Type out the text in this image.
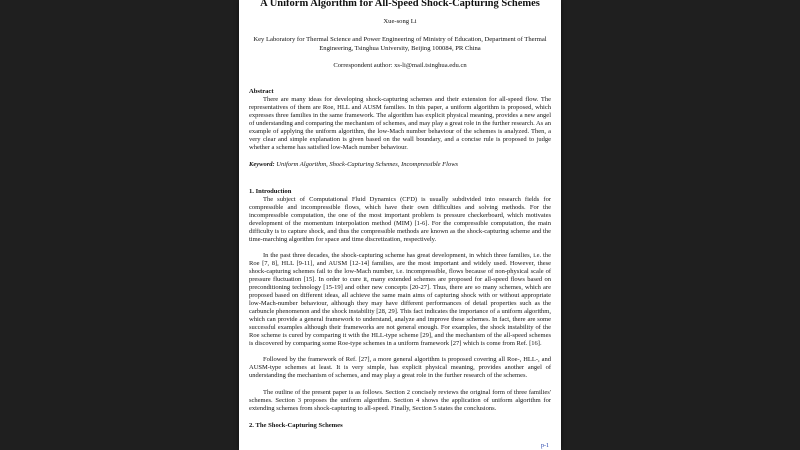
A Uniform Algorithm for All-Speed Shock-Capturing Schemes
Xue-song Li
Key Laboratory for Thermal Science and Power Engineering of Ministry of Education, Department of Thermal Engineering, Tsinghua University, Beijing 100084, PR China
Correspondent author: xs-li@mail.tsinghua.edu.cn
Abstract

There are many ideas for developing shock-capturing schemes and their extension for all-speed flow. The representatives of them are Roe, HLL and AUSM families. In this paper, a uniform algorithm is proposed, which expresses three families in the same framework. The algorithm has explicit physical meaning, provides a new angel of understanding and comparing the mechanism of schemes, and may play a great role in the further research. As an example of applying the uniform algorithm, the low-Mach number behaviour of the schemes is analyzed. Then, a very clear and simple explanation is given based on the wall boundary, and a concise rule is proposed to judge whether a scheme has satisfied low-Mach number behaviour.

Keyword: Uniform Algorithm, Shock-Capturing Schemes, Incompressible Flows
1. Introduction

The subject of Computational Fluid Dynamics (CFD) is usually subdivided into research fields for compressible and incompressible flows, which have their own difficulties and solving methods. For the incompressible computation, the one of the most important problem is pressure checkerboard, which motivates development of the momentum interpolation method (MIM) [1-6]. For the compressible computation, the main difficulty is to capture shock, and thus the compressible methods are known as the shock-capturing scheme and the time-marching algorithm for space and time discretization, respectively.

In the past three decades, the shock-capturing scheme has great development, in which three families, i.e. the Roe [7, 8], HLL [9-11], and AUSM [12-14] families, are the most important and widely used. However, these shock-capturing schemes fail to the low-Mach number, i.e. incompressible, flows because of non-physical scale of pressure fluctuation [15]. In order to cure it, many extended schemes are proposed for all-speed flows based on preconditioning technology [15-19] and other new concepts [20-27]. Thus, there are so many schemes, which are proposed based on different ideas, all achieve the same main aims of capturing shock with or without appropriate low-Mach-number behaviour, although they may have different performances of detail properties such as the carbuncle phenomenon and the shock instability [28, 29]. This fact indicates the importance of a uniform algorithm, which can provide a general framework to understand, analyze and improve these schemes. In fact, there are some successful examples although their frameworks are not general enough. For examples, the shock instability of the Roe scheme is cured by comparing it with the HLL-type scheme [29], and the mechanism of the all-speed schemes is discovered by comparing some Roe-type schemes in a uniform framework [27] which is come from Ref. [16].

Followed by the framework of Ref. [27], a more general algorithm is proposed covering all Roe-, HLL-, and AUSM-type schemes at least. It is very simple, has explicit physical meaning, provides another angel of understanding the mechanism of schemes, and may play a great role in the further research of the schemes.

The outline of the present paper is as follows. Section 2 concisely reviews the original form of three families' schemes. Section 3 proposes the uniform algorithm. Section 4 shows the application of uniform algorithm for extending schemes from shock-capturing to all-speed. Finally, Section 5 states the conclusions.

2. The Shock-Capturing Schemes
p-1
